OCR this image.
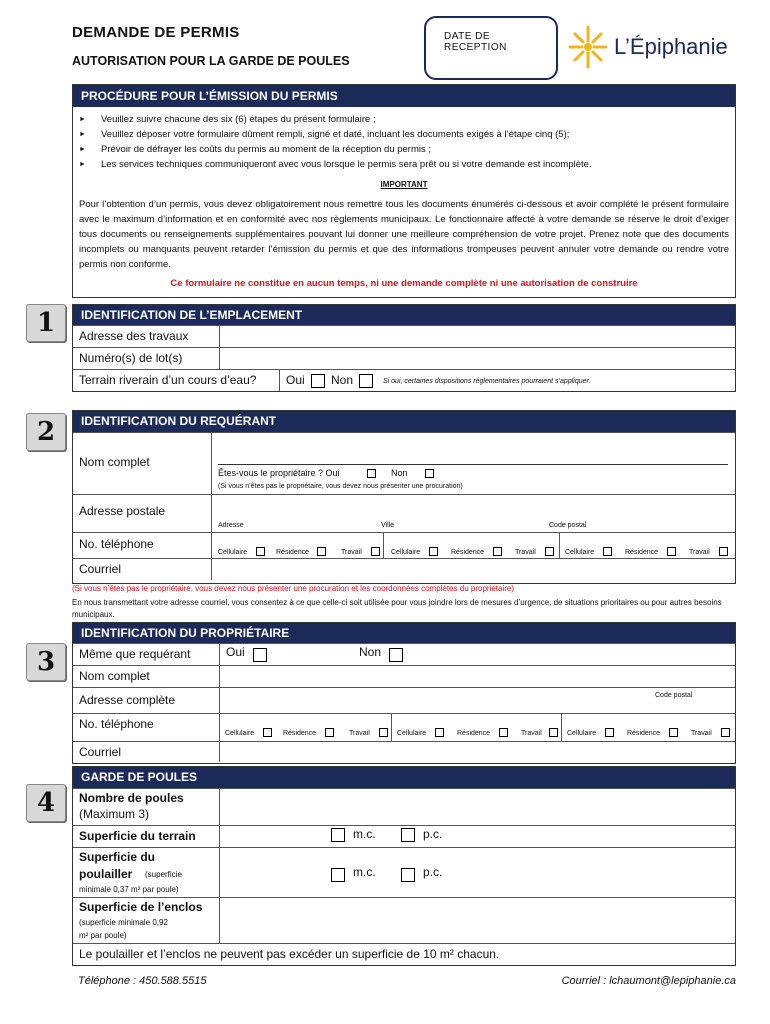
DEMANDE DE PERMIS
AUTORISATION POUR LA GARDE DE POULES
DATE DE RECEPTION	L’Épiphanie
PROCÉDURE POUR L’ÉMISSION DU PERMIS
► Veuillez suivre chacune des six (6) étapes du présent formulaire ;
► Veuillez déposer votre formulaire dûment rempli, signé et daté, incluant les documents exigés à l’étape cinq (5);
► Prévoir de défrayer les coûts du permis au moment de la réception du permis ;
► Les services techniques communiqueront avec vous lorsque le permis sera prêt ou si votre demande est incomplète.
IMPORTANT
Pour l’obtention d’un permis, vous devez obligatoirement nous remettre tous les documents énumérés ci-dessous et avoir complété le présent formulaire avec le maximum d’information et en conformité avec nos règlements municipaux. Le fonctionnaire affecté à votre demande se réserve le droit d’exiger tous documents ou renseignements supplémentaires pouvant lui donner une meilleure compréhension de votre projet. Prenez note que des documents incomplets ou manquants peuvent retarder l’émission du permis et que des informations trompeuses peuvent annuler votre demande ou rendre votre permis non conforme.
Ce formulaire ne constitue en aucun temps, ni une demande complète ni une autorisation de construire
1	IDENTIFICATION DE L’EMPLACEMENT
Adresse des travaux
Numéro(s) de lot(s)
Terrain riverain d’un cours d’eau? Oui Non	Si oui, certaines dispositions réglementaires pourraient s’appliquer.
2	IDENTIFICATION DU REQUÉRANT
Nom complet
Êtes-vous le propriétaire ? Oui	Non
(Si vous n’êtes pas le propriétaire, vous devez nous présenter une procuration)
Adresse postale
Adresse	Ville	Code postal
No. téléphone
Cellulaire	Résidence	Travail	Cellulaire	Résidence	Travail	Cellulaire	Résidence	Travail
Courriel
(Si vous n’êtes pas le propriétaire, vous devez nous présenter une procuration et les coordonnées complètes du propriétaire)
En nous transmettant votre adresse courriel, vous consentez à ce que celle-ci soit utilisée pour vous joindre lors de mesures d’urgence, de situations prioritaires ou pour autres besoins municipaux.
3
IDENTIFICATION DU PROPRIÉTAIRE
Même que requérant	Oui	Non
Nom complet
Adresse complète	Code postal
No. téléphone
Cellulaire	Résidence	Travail	Cellulaire	Résidence	Travail	Cellulaire	Résidence	Travail
Courriel
4
GARDE DE POULES
Nombre de poules
(Maximum 3)
Superficie du terrain	m.c.	p.c.
Superficie du
poulailler (superficie
minimale 0,37 m² par poule)
m.c.	p.c.
Superficie de l’enclos
(superficie minimale 0,92
m² par poule)
Le poulailler et l’enclos ne peuvent pas excéder un superficie de 10 m² chacun.
Téléphone : 450.588.5515	Courriel : lchaumont@lepiphanie.ca
